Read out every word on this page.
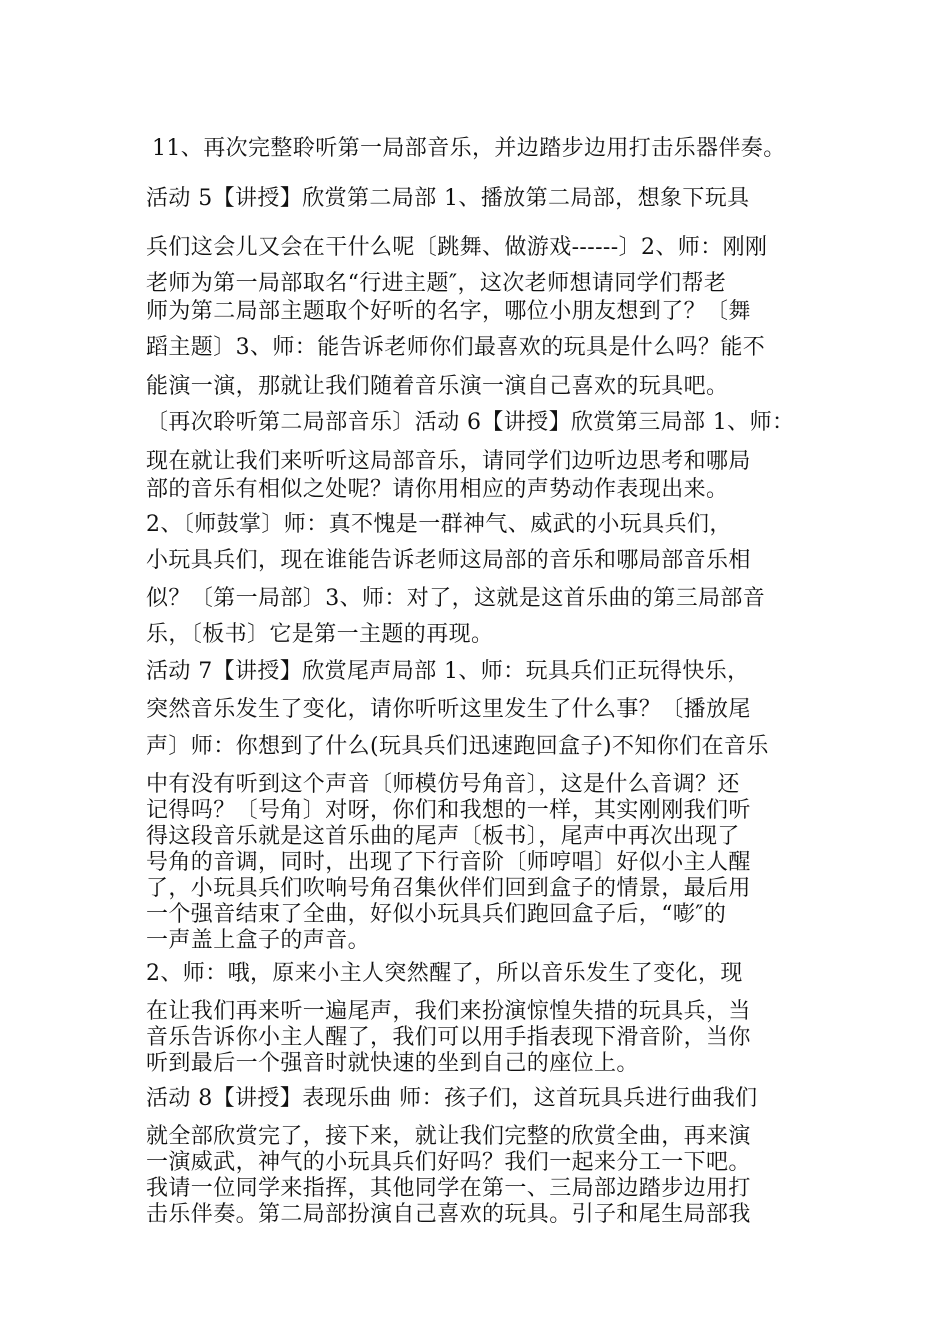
11、再次完整聆听第一局部音乐，并边踏步边用打击乐器伴奏。
活动 5【讲授】欣赏第二局部 1、播放第二局部，想象下玩具
兵们这会儿又会在干什么呢〔跳舞、做游戏------〕2、师：刚刚
老师为第一局部取名“行进主题″，这次老师想请同学们帮老
师为第二局部主题取个好听的名字，哪位小朋友想到了？〔舞
蹈主题〕3、师：能告诉老师你们最喜欢的玩具是什么吗？能不
能演一演，那就让我们随着音乐演一演自己喜欢的玩具吧。
〔再次聆听第二局部音乐〕活动 6【讲授】欣赏第三局部 1、师：
现在就让我们来听听这局部音乐，请同学们边听边思考和哪局
部的音乐有相似之处呢？请你用相应的声势动作表现出来。
2、〔师鼓掌〕师：真不愧是一群神气、威武的小玩具兵们，
小玩具兵们，现在谁能告诉老师这局部的音乐和哪局部音乐相
似？〔第一局部〕3、师：对了，这就是这首乐曲的第三局部音
乐，〔板书〕它是第一主题的再现。
活动 7【讲授】欣赏尾声局部 1、师：玩具兵们正玩得快乐，
突然音乐发生了变化，请你听听这里发生了什么事？〔播放尾
声〕师：你想到了什么(玩具兵们迅速跑回盒子)不知你们在音乐
中有没有听到这个声音〔师模仿号角音〕，这是什么音调？还
记得吗？〔号角〕对呀，你们和我想的一样，其实刚刚我们听
得这段音乐就是这首乐曲的尾声〔板书〕，尾声中再次出现了
号角的音调，同时，出现了下行音阶〔师哼唱〕好似小主人醒
了，小玩具兵们吹响号角召集伙伴们回到盒子的情景，最后用
一个强音结束了全曲，好似小玩具兵们跑回盒子后，“嘭″的
一声盖上盒子的声音。
2、师：哦，原来小主人突然醒了，所以音乐发生了变化，现
在让我们再来听一遍尾声，我们来扮演惊惶失措的玩具兵，当
音乐告诉你小主人醒了，我们可以用手指表现下滑音阶，当你
听到最后一个强音时就快速的坐到自己的座位上。
活动 8【讲授】表现乐曲 师：孩子们，这首玩具兵进行曲我们
就全部欣赏完了，接下来，就让我们完整的欣赏全曲，再来演
一演威武，神气的小玩具兵们好吗？我们一起来分工一下吧。
我请一位同学来指挥，其他同学在第一、三局部边踏步边用打
击乐伴奏。第二局部扮演自己喜欢的玩具。引子和尾生局部我
